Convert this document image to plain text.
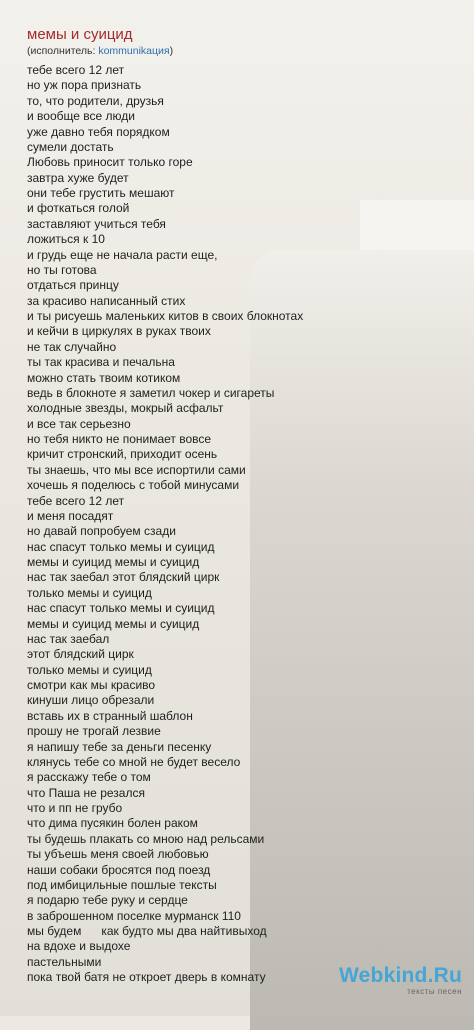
мемы и суицид
(исполнитель: kommunikaция)
тебе всего 12 лет
но уж пора признать
то, что родители, друзья
и вообще все люди
уже давно тебя порядком
сумели достать
Любовь приносит только горе
завтра хуже будет
они тебе грустить мешают
и фоткаться голой
заставляют учиться тебя
ложиться к 10
и грудь еще не начала расти еще,
но ты готова
отдаться принцу
за красиво написанный стих
и ты рисуешь маленьких китов в своих блокнотах
и кейчи в циркулях в руках твоих
не так случайно
ты так красива и печальна
можно стать твоим котиком
ведь в блокноте я заметил чокер и сигареты
холодные звезды, мокрый асфальт
и все так серьезно
но тебя никто не понимает вовсе
кричит стронский, приходит осень
ты знаешь, что мы все испортили сами
хочешь я поделюсь с тобой минусами
тебе всего 12 лет
и меня посадят
но давай попробуем сзади
нас спасут только мемы и суицид
мемы и суицид мемы и суицид
нас так заебал этот блядский цирк
только мемы и суицид
нас спасут только мемы и суицид
мемы и суицид мемы и суицид
нас так заебал
этот блядский цирк
только мемы и суицид
смотри как мы красиво
кинуши лицо обрезали
вставь их в странный шаблон
прошу не трогай лезвие
я напишу тебе за деньги песенку
клянусь тебе со мной не будет весело
я расскажу тебе о том
что Паша не резался
что и пп не грубо
что дима пусякин болен раком
ты будешь плакать со мною над рельсами
ты убъешь меня своей любовью
наши собаки бросятся под поезд
под имбицильные пошлые тексты
я подарю тебе руку и сердце
в заброшенном поселке мурманск 110
мы будем      как будто мы два найтивыход
на вдохе и выдохе
пастельными
пока твой батя не откроет дверь в комнату	Webkind.Ru
тексты песен
